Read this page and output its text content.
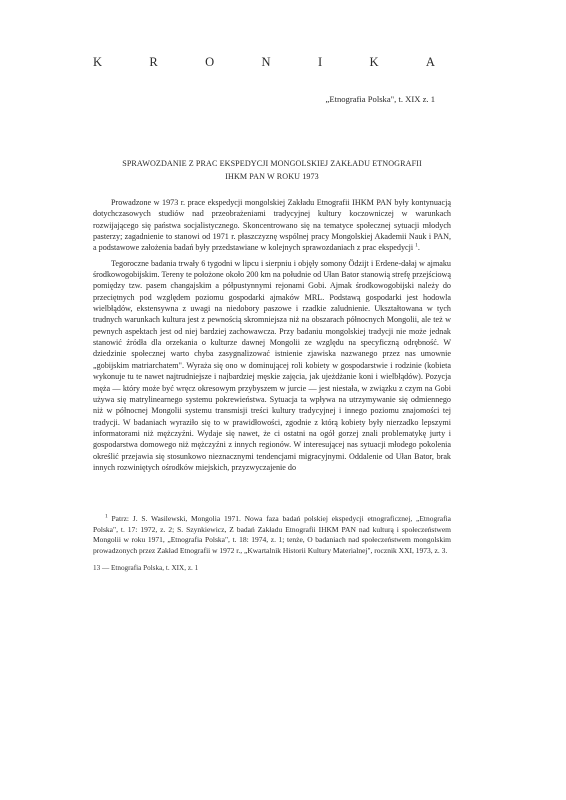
K	R	O	N	I	K	A
„Etnografia Polska", t. XIX z. 1
SPRAWOZDANIE Z PRAC EKSPEDYCJI MONGOLSKIEJ ZAKŁADU ETNOGRAFII
IHKM PAN W ROKU 1973

Prowadzone w 1973 r. prace ekspedycji mongolskiej Zakładu Etnografii IHKM PAN były kontynuacją dotychczasowych studiów nad przeobrażeniami tradycyjnej kultury koczowniczej w warunkach rozwijającego się państwa socjalistycznego. Skoncentrowano się na tematyce społecznej sytuacji młodych pasterzy; zagadnienie to stanowi od 1971 r. płaszczyznę wspólnej pracy Mongolskiej Akademii Nauk i PAN, a podstawowe założenia badań były przedstawiane w kolejnych sprawozdaniach z prac ekspedycji $^1$.

Tegoroczne badania trwały 6 tygodni w lipcu i sierpniu i objęły somony Ödzijt i Erdene-dałaj w ajmaku środkowogobijskim. Tereny te położone około 200 km na południe od Ułan Bator stanowią strefę przejściową pomiędzy tzw. pasem changajskim a półpustynnymi rejonami Gobi. Ajmak środkowogobijski należy do przeciętnych pod względem poziomu gospodarki ajmaków MRL. Podstawą gospodarki jest hodowla wielbłądów, ekstensywna z uwagi na niedobory paszowe i rzadkie zaludnienie. Ukształtowana w tych trudnych warunkach kultura jest z pewnością skromniejsza niż na obszarach północnych Mongolii, ale też w pewnych aspektach jest od niej bardziej zachowawcza. Przy badaniu mongolskiej tradycji nie może jednak stanowić źródła dla orzekania o kulturze dawnej Mongolii ze względu na specyficzną odrębność. W dziedzinie społecznej warto chyba zasygnalizować istnienie zjawiska nazwanego przez nas umownie „gobijskim matriarchatem". Wyraża się ono w dominującej roli kobiety w gospodarstwie i rodzinie (kobieta wykonuje tu te nawet najtrudniejsze i najbardziej męskie zajęcia, jak ujeżdżanie koni i wielbłądów). Pozycja męża — który może być wręcz okresowym przybyszem w jurcie — jest niestała, w związku z czym na Gobi używa się matrylinearnego systemu pokrewieństwa. Sytuacja ta wpływa na utrzymywanie się odmiennego niż w północnej Mongolii systemu transmisji treści kultury tradycyjnej i innego poziomu znajomości tej tradycji. W badaniach wyraziło się to w prawidłowości, zgodnie z którą kobiety były nierzadko lepszymi informatorami niż mężczyźni. Wydaje się nawet, że ci ostatni na ogół gorzej znali problematykę jurty i gospodarstwa domowego niż mężczyźni z innych regionów. W interesującej nas sytuacji młodego pokolenia określić przejawia się stosunkowo nieznacznymi tendencjami migracyjnymi. Oddalenie od Ułan Bator, brak innych rozwiniętych ośrodków miejskich, przyzwyczajenie do

$^1$ Patrz: J. S. Wasilewski, Mongolia 1971. Nowa faza badań polskiej ekspedycji etnograficznej, „Etnografia Polska", t. 17: 1972, z. 2; S. Szynkiewicz, Z badań Zakładu Etnografii IHKM PAN nad kulturą i społeczeństwem Mongolii w roku 1971, „Etnografia Polska", t. 18: 1974, z. 1; tenże, O badaniach nad społeczeństwem mongolskim prowadzonych przez Zakład Etnografii w 1972 r., „Kwartalnik Historii Kultury Materialnej", rocznik XXI, 1973, z. 3.

13 — Etnografia Polska, t. XIX, z. 1
